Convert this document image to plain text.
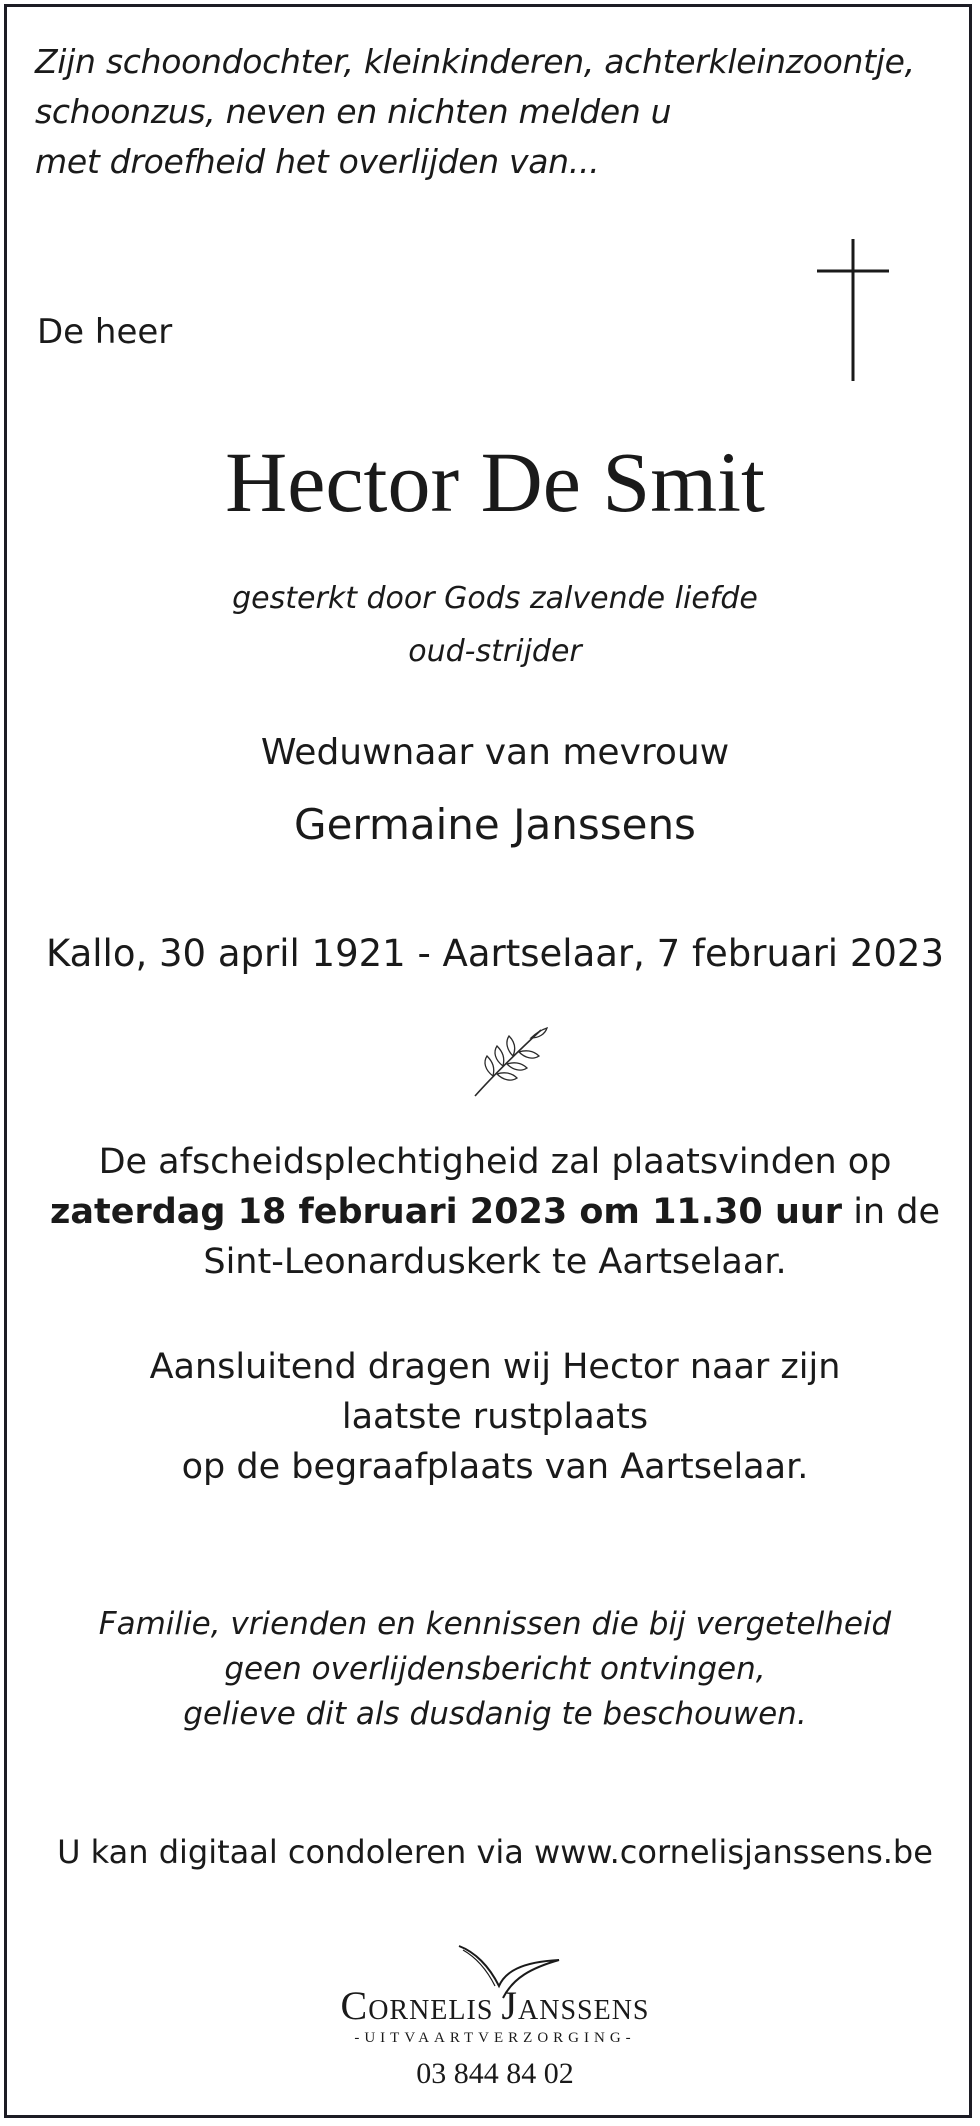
Zijn schoondochter, kleinkinderen, achterkleinzoontje,
schoonzus, neven en nichten melden u
met droefheid het overlijden van...
De heer
Hector De Smit
gesterkt door Gods zalvende liefde
oud-strijder
Weduwnaar van mevrouw
Germaine Janssens
Kallo, 30 april 1921 - Aartselaar, 7 februari 2023
De afscheidsplechtigheid zal plaatsvinden op
zaterdag 18 februari 2023 om 11.30 uur in de
Sint-Leonarduskerk te Aartselaar.
Aansluitend dragen wij Hector naar zijn
laatste rustplaats
op de begraafplaats van Aartselaar.
Familie, vrienden en kennissen die bij vergetelheid
geen overlijdensbericht ontvingen,
gelieve dit als dusdanig te beschouwen.
U kan digitaal condoleren via www.cornelisjanssens.be
CORNELIS JANSSENS
-UITVAARTVERZORGING-
03 844 84 02
